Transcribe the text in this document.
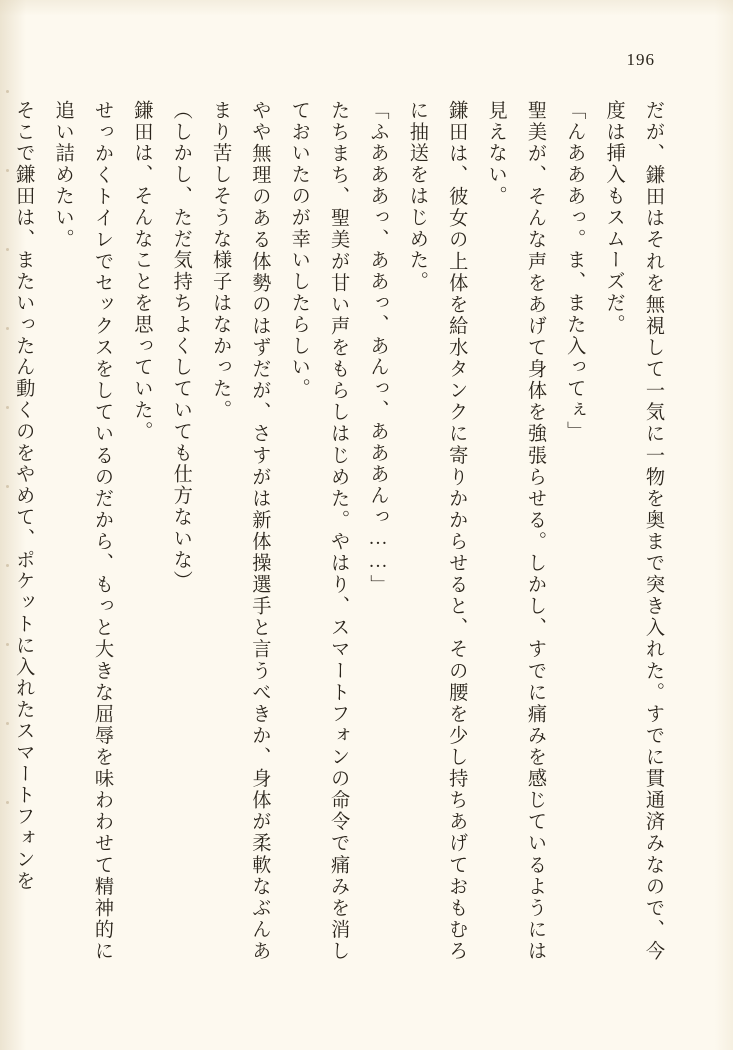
196

だが、鎌田はそれを無視して一気に一物を奥まで突き入れた。すでに貫通済みなので、今度は挿入もスムーズだ。

「んあああっ。ま、また入ってぇ」

聖美が、そんな声をあげて身体を強張らせる。しかし、すでに痛みを感じているようには見えない。

鎌田は、彼女の上体を給水タンクに寄りかからせると、その腰を少し持ちあげておもむろに抽送をはじめた。

「ふあああっ、ああっ、あんっ、あああんっ……」

たちまち、聖美が甘い声をもらしはじめた。やはり、スマートフォンの命令で痛みを消しておいたのが幸いしたらしい。

やや無理のある体勢のはずだが、さすがは新体操選手と言うべきか、身体が柔軟なぶんあまり苦しそうな様子はなかった。

（しかし、ただ気持ちよくしていても仕方ないな）

鎌田は、そんなことを思っていた。

せっかくトイレでセックスをしているのだから、もっと大きな屈辱を味わわせて精神的に追い詰めたい。

そこで鎌田は、またいったん動くのをやめて、ポケットに入れたスマートフォンを
